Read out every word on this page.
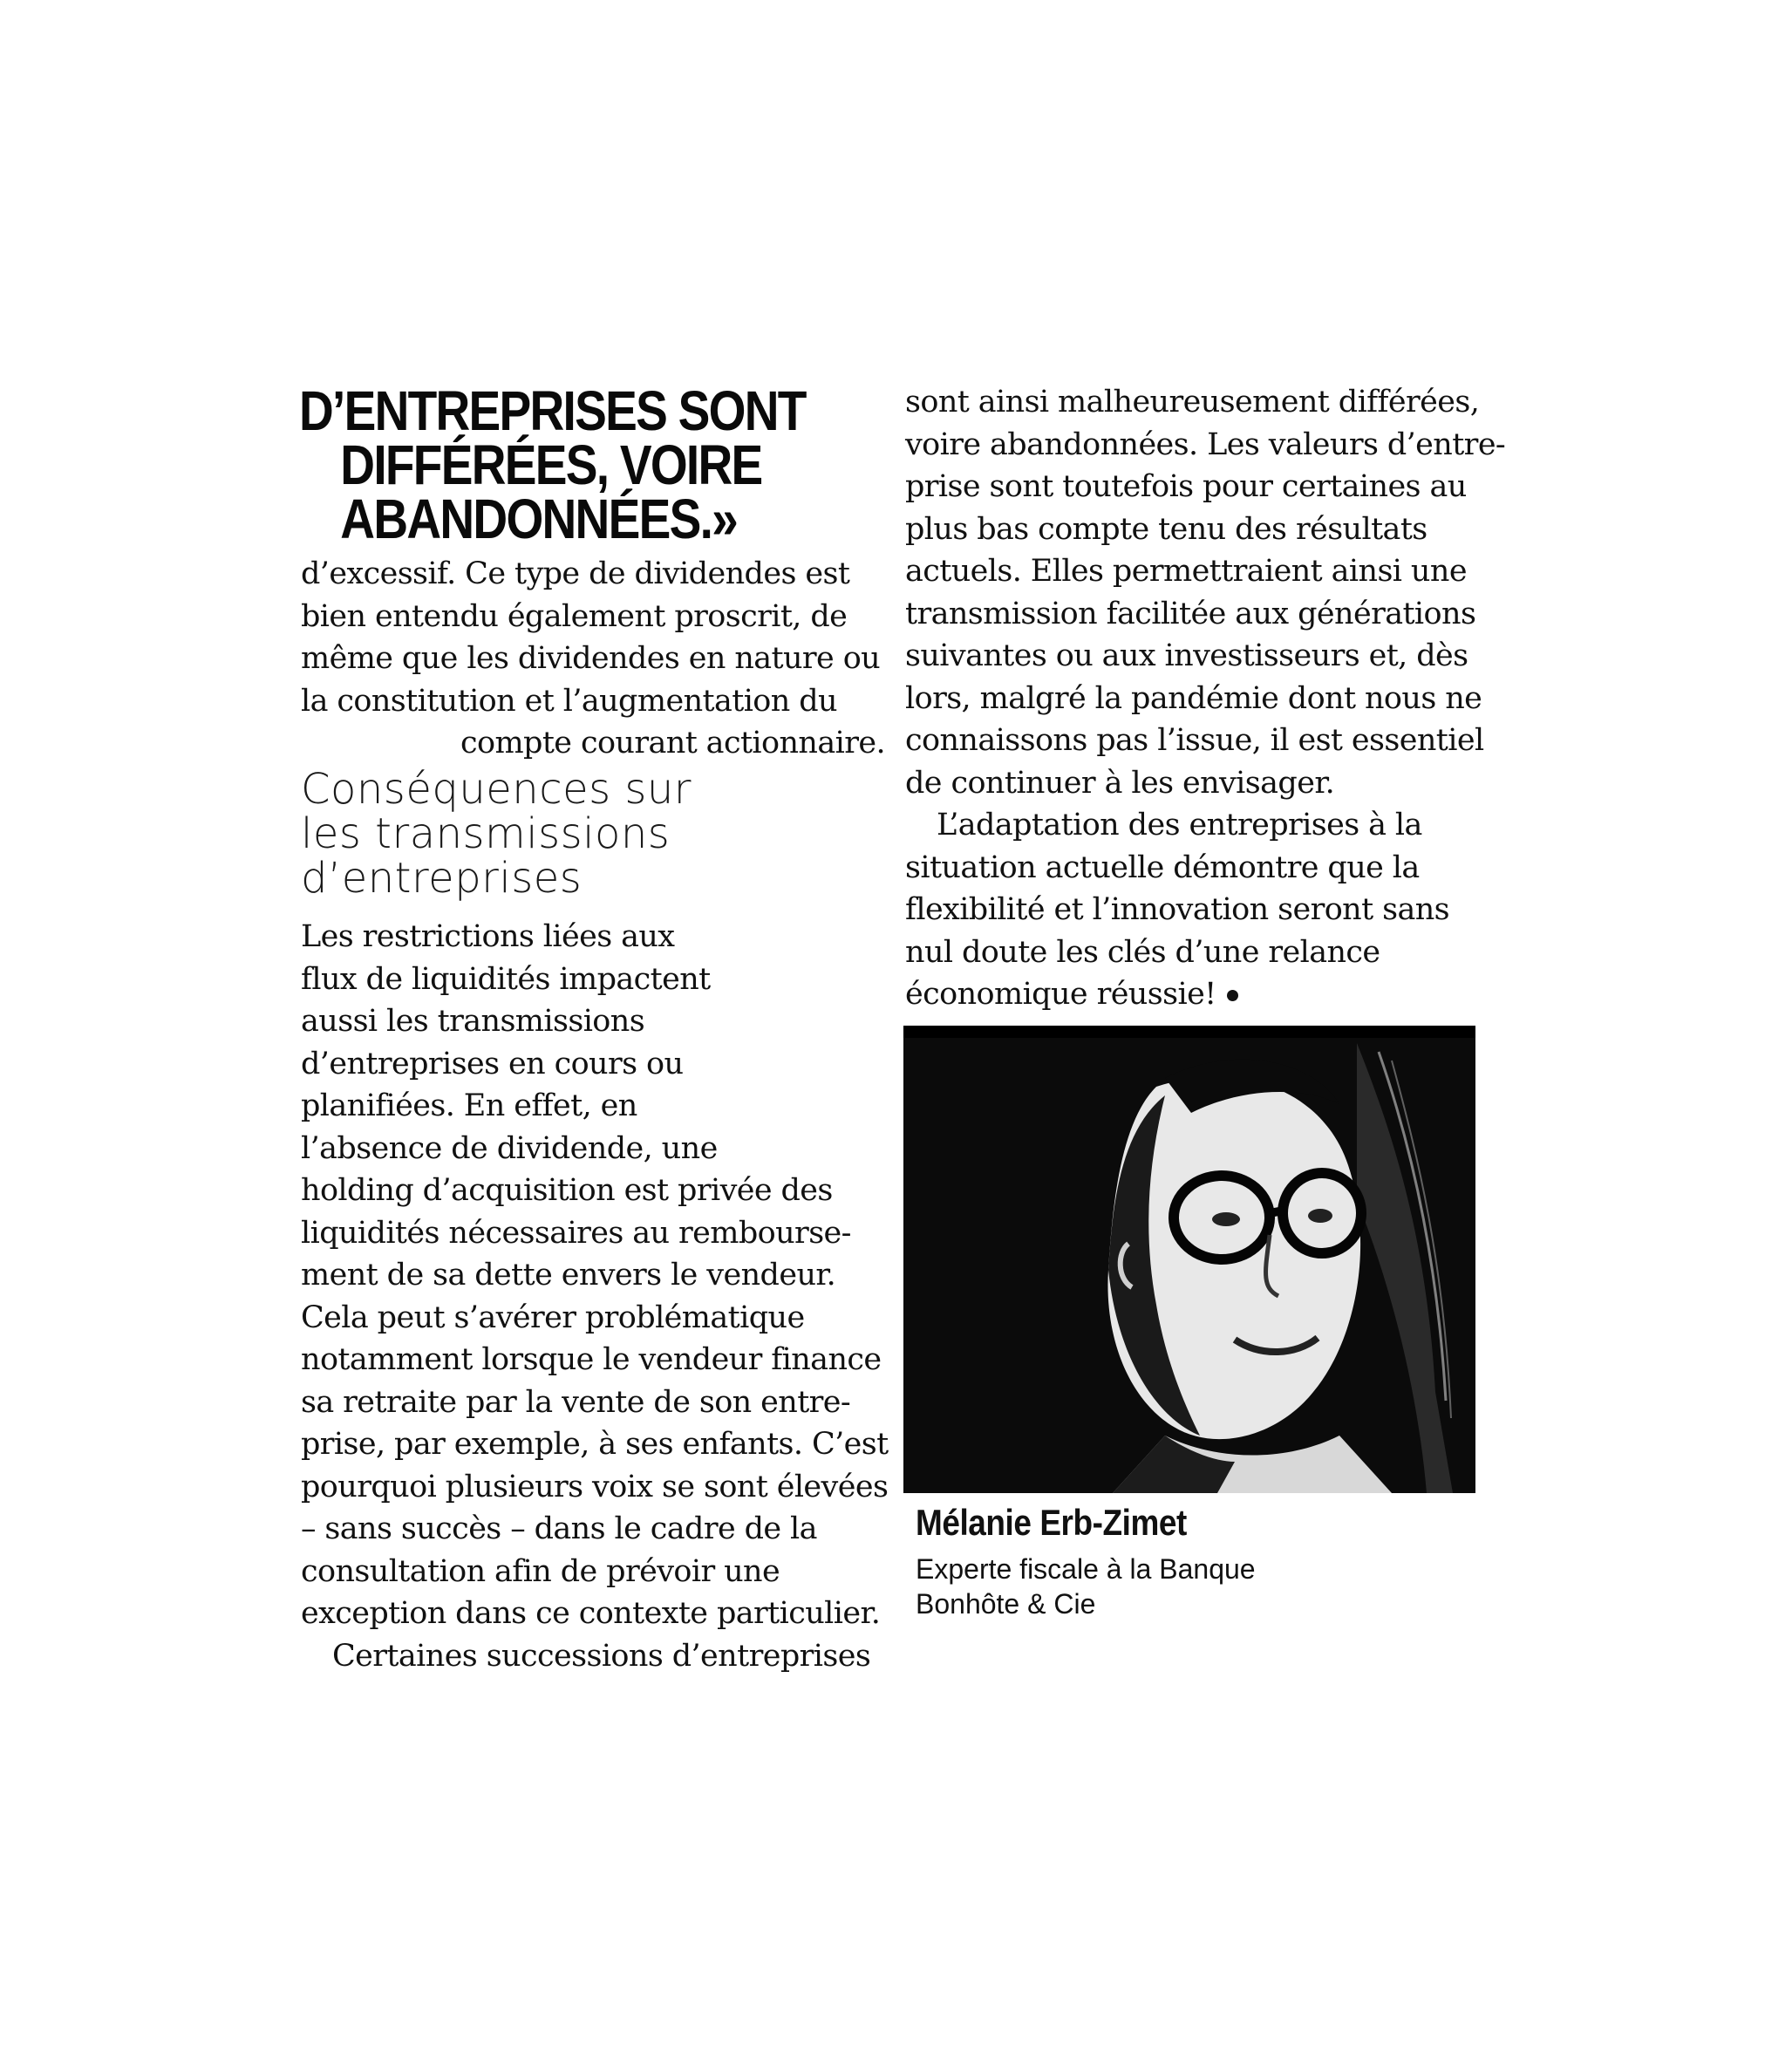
D’ENTREPRISES SONT
DIFFÉRÉES, VOIRE
ABANDONNÉES.»
d’excessif. Ce type de dividendes est
bien entendu également proscrit, de
même que les dividendes en nature ou
la constitution et l’augmentation du
compte courant actionnaire.
Conséquences sur
les transmissions
d’entreprises
Les restrictions liées aux
flux de liquidités impactent
aussi les transmissions
d’entreprises en cours ou
planifiées. En effet, en
l’absence de dividende, une
holding d’acquisition est privée des
liquidités nécessaires au rembourse-
ment de sa dette envers le vendeur.
Cela peut s’avérer problématique
notamment lorsque le vendeur finance
sa retraite par la vente de son entre-
prise, par exemple, à ses enfants. C’est
pourquoi plusieurs voix se sont élevées
– sans succès – dans le cadre de la
consultation afin de prévoir une
exception dans ce contexte particulier.
Certaines successions d’entreprises
sont ainsi malheureusement différées,
voire abandonnées. Les valeurs d’entre-
prise sont toutefois pour certaines au
plus bas compte tenu des résultats
actuels. Elles permettraient ainsi une
transmission facilitée aux générations
suivantes ou aux investisseurs et, dès
lors, malgré la pandémie dont nous ne
connaissons pas l’issue, il est essentiel
de continuer à les envisager.
L’adaptation des entreprises à la
situation actuelle démontre que la
flexibilité et l’innovation seront sans
nul doute les clés d’une relance
économique réussie!
Mélanie Erb-Zimet
Experte fiscale à la Banque
Bonhôte & Cie
